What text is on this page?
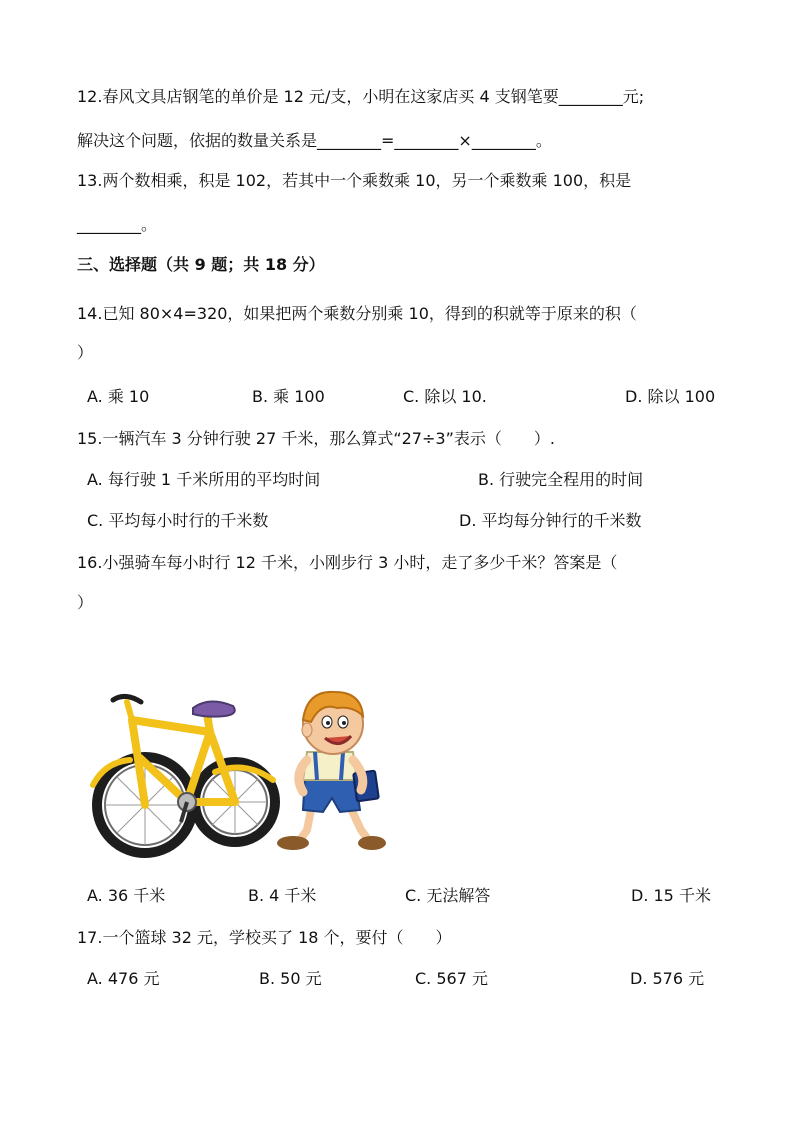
12.春风文具店钢笔的单价是 12 元/支，小明在这家店买 4 支钢笔要________元;
解决这个问题，依据的数量关系是________=________×________。
13.两个数相乘，积是 102，若其中一个乘数乘 10，另一个乘数乘 100，积是
________。
三、选择题（共 9 题；共 18 分）
14.已知 80×4=320，如果把两个乘数分别乘 10，得到的积就等于原来的积（
）
A. 乘 10	B. 乘 100	C. 除以 10.	D. 除以 100
15.一辆汽车 3 分钟行驶 27 千米，那么算式“27÷3”表示（　　）.
A. 每行驶 1 千米所用的平均时间	B. 行驶完全程用的时间
C. 平均每小时行的千米数	D. 平均每分钟行的千米数
16.小强骑车每小时行 12 千米，小刚步行 3 小时，走了多少千米？答案是（
）
A. 36 千米	B. 4 千米	C. 无法解答	D. 15 千米
17.一个篮球 32 元，学校买了 18 个，要付（　　）
A. 476 元	B. 50 元	C. 567 元	D. 576 元
